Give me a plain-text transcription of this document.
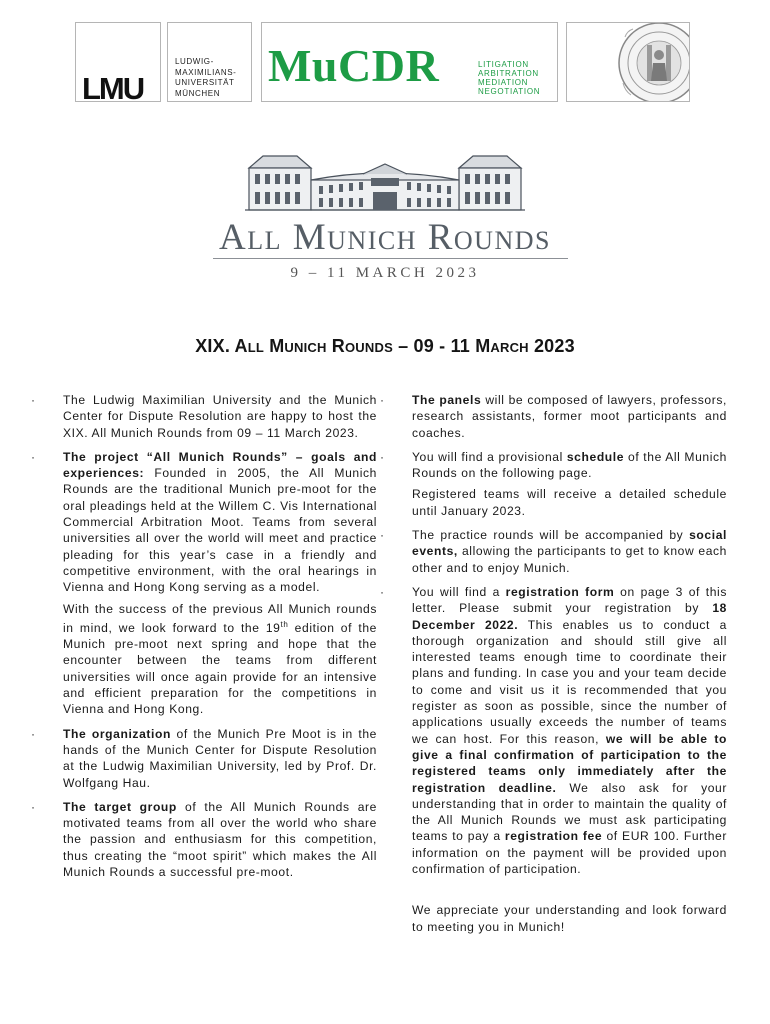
LMU
LUDWIG-
MAXIMILIANS-
UNIVERSITÄT
MÜNCHEN
MuCDR	LITIGATION
ARBITRATION
MEDIATION
NEGOTIATION
All Munich Rounds
9 – 11 MARCH 2023
XIX. All Munich Rounds – 09 - 11 March 2023
· The Ludwig Maximilian University and the Munich Center for Dispute Resolution are happy to host the XIX. All Munich Rounds from 09 – 11 March 2023.

· The project “All Munich Rounds” – goals and experiences: Founded in 2005, the All Munich Rounds are the traditional Munich pre-moot for the oral pleadings held at the Willem C. Vis International Commercial Arbitration Moot. Teams from several universities all over the world will meet and practice pleading for this year’s case in a friendly and competitive environment, with the oral hearings in Vienna and Hong Kong serving as a model.

With the success of the previous All Munich rounds in mind, we look forward to the 19th edition of the Munich pre-moot next spring and hope that the encounter between the teams from different universities will once again provide for an intensive and efficient preparation for the competitions in Vienna and Hong Kong.

· The organization of the Munich Pre Moot is in the hands of the Munich Center for Dispute Resolution at the Ludwig Maximilian University, led by Prof. Dr. Wolfgang Hau.

· The target group of the All Munich Rounds are motivated teams from all over the world who share the passion and enthusiasm for this competition, thus creating the “moot spirit” which makes the All Munich Rounds a successful pre-moot.

· The panels will be composed of lawyers, professors, research assistants, former moot participants and coaches.

· You will find a provisional schedule of the All Munich Rounds on the following page.

Registered teams will receive a detailed schedule until January 2023.

· The practice rounds will be accompanied by social events, allowing the participants to get to know each other and to enjoy Munich.

· You will find a registration form on page 3 of this letter. Please submit your registration by 18 December 2022. This enables us to conduct a thorough organization and should still give all interested teams enough time to coordinate their plans and funding. In case you and your team decide to come and visit us it is recommended that you register as soon as possible, since the number of applications usually exceeds the number of teams we can host. For this reason, we will be able to give a final confirmation of participation to the registered teams only immediately after the registration deadline. We also ask for your understanding that in order to maintain the quality of the All Munich Rounds we must ask participating teams to pay a registration fee of EUR 100. Further information on the payment will be provided upon confirmation of participation.

We appreciate your understanding and look forward to meeting you in Munich!
